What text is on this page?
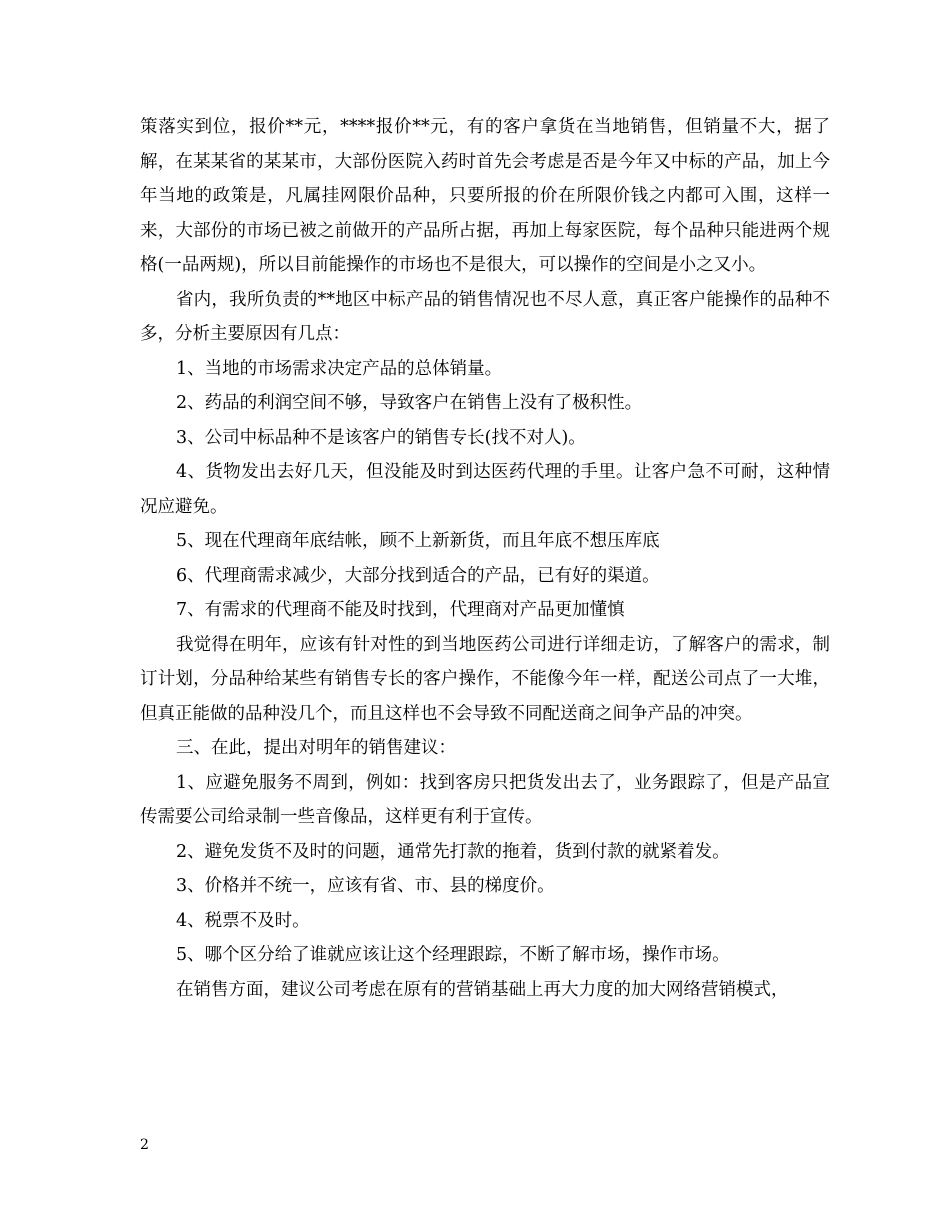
策落实到位，报价**元，****报价**元，有的客户拿货在当地销售，但销量不大，据了解，在某某省的某某市，大部份医院入药时首先会考虑是否是今年又中标的产品，加上今年当地的政策是，凡属挂网限价品种，只要所报的价在所限价钱之内都可入围，这样一来，大部份的市场已被之前做开的产品所占据，再加上每家医院，每个品种只能进两个规格(一品两规)，所以目前能操作的市场也不是很大，可以操作的空间是小之又小。

省内，我所负责的**地区中标产品的销售情况也不尽人意，真正客户能操作的品种不多，分析主要原因有几点：

1、当地的市场需求决定产品的总体销量。

2、药品的利润空间不够，导致客户在销售上没有了极积性。

3、公司中标品种不是该客户的销售专长(找不对人)。

4、货物发出去好几天，但没能及时到达医药代理的手里。让客户急不可耐，这种情况应避免。

5、现在代理商年底结帐，顾不上新新货，而且年底不想压库底

6、代理商需求减少，大部分找到适合的产品，已有好的渠道。

7、有需求的代理商不能及时找到，代理商对产品更加懂慎

我觉得在明年，应该有针对性的到当地医药公司进行详细走访，了解客户的需求，制订计划，分品种给某些有销售专长的客户操作，不能像今年一样，配送公司点了一大堆，但真正能做的品种没几个，而且这样也不会导致不同配送商之间争产品的冲突。

三、在此，提出对明年的销售建议：

1、应避免服务不周到，例如：找到客房只把货发出去了，业务跟踪了，但是产品宣传需要公司给录制一些音像品，这样更有利于宣传。

2、避免发货不及时的问题，通常先打款的拖着，货到付款的就紧着发。

3、价格并不统一，应该有省、市、县的梯度价。

4、税票不及时。

5、哪个区分给了谁就应该让这个经理跟踪，不断了解市场，操作市场。

在销售方面，建议公司考虑在原有的营销基础上再大力度的加大网络营销模式，

2
